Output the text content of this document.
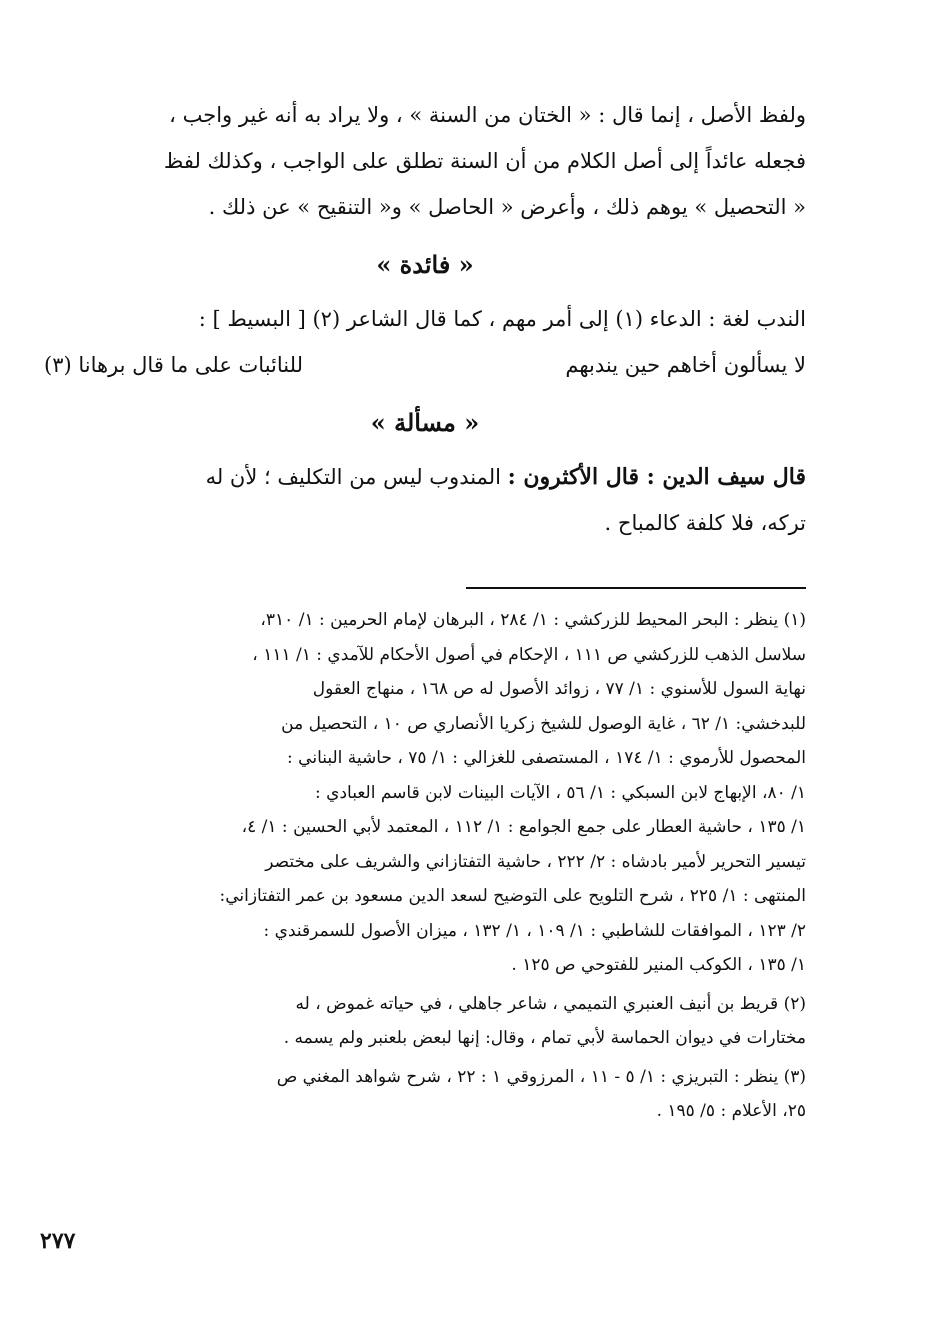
ولفظ الأصل ، إنما قال : « الختان من السنة » ، ولا يراد به أنه غير واجب ،

فجعله عائداً إلى أصل الكلام من أن السنة تطلق على الواجب ، وكذلك لفظ

« التحصيل » يوهم ذلك ، وأعرض « الحاصل » و« التنقيح » عن ذلك .

« فائدة »

الندب لغة : الدعاء (١) إلى أمر مهم ، كما قال الشاعر (٢) [ البسيط ] :

لا يسألون أخاهم حين يندبهم
للنائبات على ما قال برهانا (٣)
« مسألة »

قال سيف الدين : قال الأكثرون : المندوب ليس من التكليف ؛ لأن له

تركه، فلا كلفة كالمباح .

(١) ينظر : البحر المحيط للزركشي : ١/ ٢٨٤ ، البرهان لإمام الحرمين : ١/ ٣١٠،

سلاسل الذهب للزركشي ص ١١١ ، الإحكام في أصول الأحكام للآمدي : ١/ ١١١ ،

نهاية السول للأسنوي : ١/ ٧٧ ، زوائد الأصول له ص ١٦٨ ، منهاج العقول

للبدخشي: ١/ ٦٢ ، غاية الوصول للشيخ زكريا الأنصاري ص ١٠ ، التحصيل من

المحصول للأرموي : ١/ ١٧٤ ، المستصفى للغزالي : ١/ ٧٥ ، حاشية البناني :

١/ ٨٠، الإبهاج لابن السبكي : ١/ ٥٦ ، الآيات البينات لابن قاسم العبادي :

١/ ١٣٥ ، حاشية العطار على جمع الجوامع : ١/ ١١٢ ، المعتمد لأبي الحسين : ١/ ٤،

تيسير التحرير لأمير بادشاه : ٢/ ٢٢٢ ، حاشية التفتازاني والشريف على مختصر

المنتهى : ١/ ٢٢٥ ، شرح التلويح على التوضيح لسعد الدين مسعود بن عمر التفتازاني:

٢/ ١٢٣ ، الموافقات للشاطبي : ١/ ١٠٩ ، ١/ ١٣٢ ، ميزان الأصول للسمرقندي :

١/ ١٣٥ ، الكوكب المنير للفتوحي ص ١٢٥ .

(٢) قريط بن أنيف العنبري التميمي ، شاعر جاهلي ، في حياته غموض ، له

مختارات في ديوان الحماسة لأبي تمام ، وقال: إنها لبعض بلعنبر ولم يسمه .

(٣) ينظر : التبريزي : ١/ ٥ - ١١ ، المرزوقي ١ : ٢٢ ، شرح شواهد المغني ص

٢٥، الأعلام : ٥/ ١٩٥ .

٢٧٧
